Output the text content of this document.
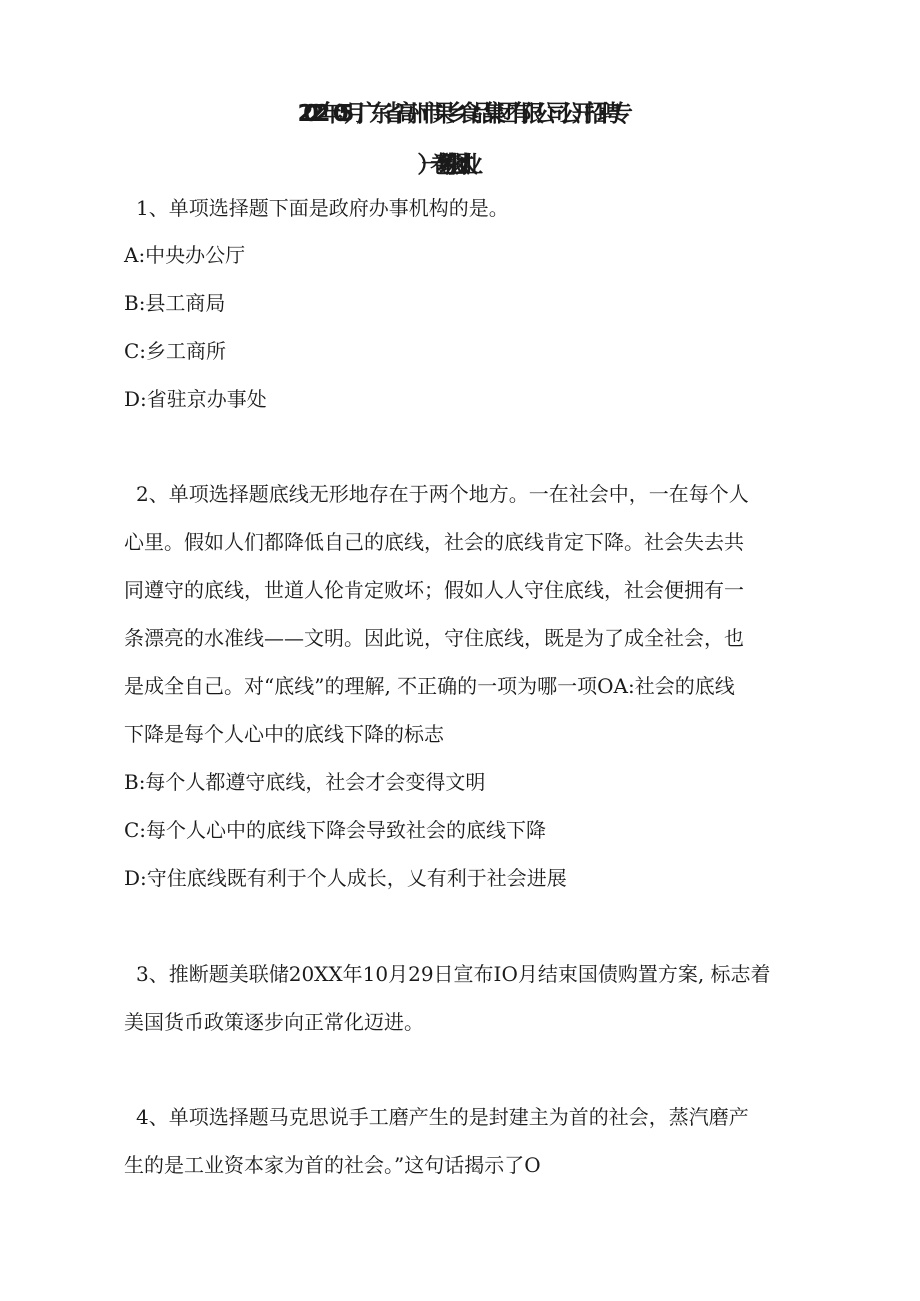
2022年05月广东省高州市果乡食品集团有限公司公开招聘专
1、单项选择题下面是政府办事机构的是。
A:中央办公厅
B:县工商局
C:乡工商所
D:省驻京办事处
2、单项选择题底线无形地存在于两个地方。一在社会中，一在每个人
心里。假如人们都降低自己的底线，社会的底线肯定下降。社会失去共
同遵守的底线，世道人伦肯定败坏；假如人人守住底线，社会便拥有一
条漂亮的水准线——文明。因此说，守住底线，既是为了成全社会，也
是成全自己。对“底线”的理解, 不正确的一项为哪一项OA:社会的底线
下降是每个人心中的底线下降的标志
B:每个人都遵守底线，社会才会变得文明
C:每个人心中的底线下降会导致社会的底线下降
D:守住底线既有利于个人成长，乂有利于社会进展
3、推断题美联储20XX年10月29日宣布IO月结束国债购置方案, 标志着
美国货币政策逐步向正常化迈进。
4、单项选择题马克思说手工磨产生的是封建主为首的社会，蒸汽磨产
生的是工业资本家为首的社会。”这句话揭示了O
